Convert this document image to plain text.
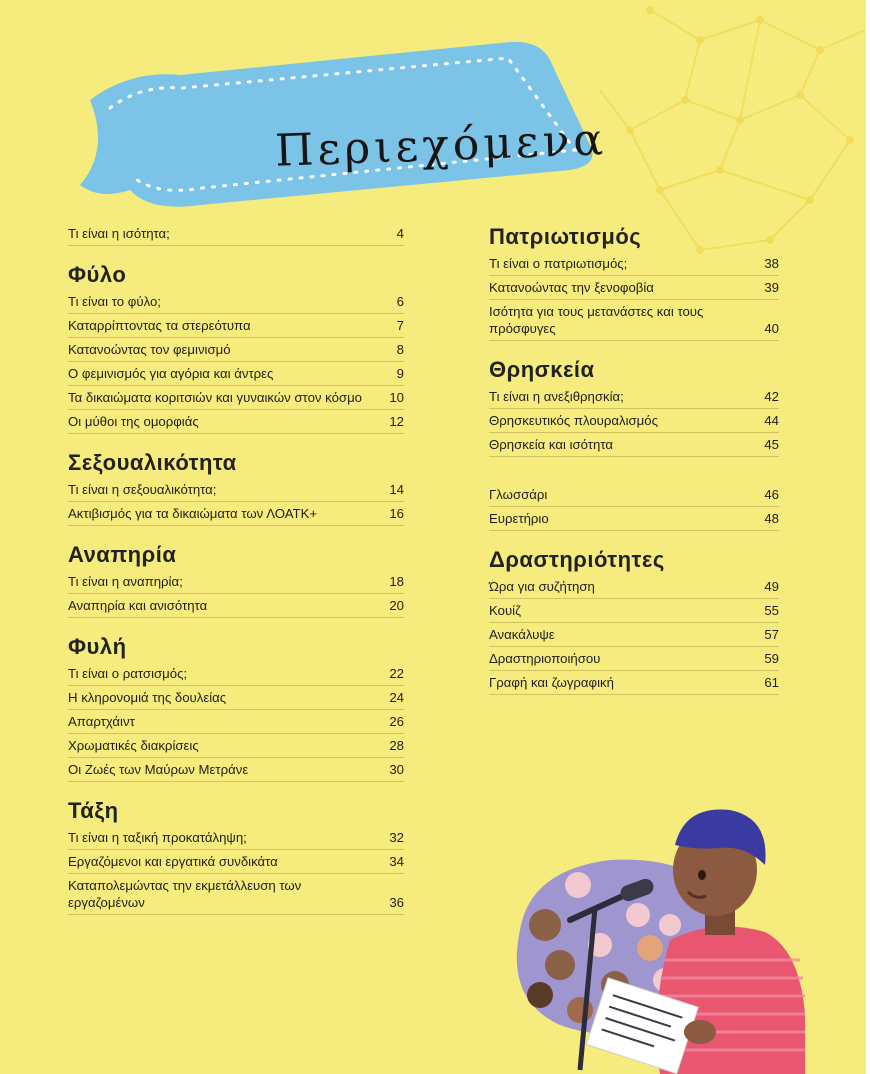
Περιεχόμενα
Τι είναι η ισότητα;	4
Φύλο
Τι είναι το φύλο;	6
Καταρρίπτοντας τα στερεότυπα	7
Κατανοώντας τον φεμινισμό	8
Ο φεμινισμός για αγόρια και άντρες	9
Τα δικαιώματα κοριτσιών και γυναικών στον κόσμο	10
Οι μύθοι της ομορφιάς	12
Σεξουαλικότητα
Τι είναι η σεξουαλικότητα;	14
Ακτιβισμός για τα δικαιώματα των ΛΟΑΤΚ+	16
Αναπηρία
Τι είναι η αναπηρία;	18
Αναπηρία και ανισότητα	20
Φυλή
Τι είναι ο ρατσισμός;	22
Η κληρονομιά της δουλείας	24
Απαρτχάιντ	26
Χρωματικές διακρίσεις	28
Οι Ζωές των Μαύρων Μετράνε	30
Τάξη
Τι είναι η ταξική προκατάληψη;	32
Εργαζόμενοι και εργατικά συνδικάτα	34
Καταπολεμώντας την εκμετάλλευση των εργαζομένων	36
Πατριωτισμός
Τι είναι ο πατριωτισμός;	38
Κατανοώντας την ξενοφοβία	39
Ισότητα για τους μετανάστες και τους πρόσφυγες	40
Θρησκεία
Τι είναι η ανεξιθρησκία;	42
Θρησκευτικός πλουραλισμός	44
Θρησκεία και ισότητα	45
Γλωσσάρι	46
Ευρετήριο	48
Δραστηριότητες
Ώρα για συζήτηση	49
Κουίζ	55
Ανακάλυψε	57
Δραστηριοποιήσου	59
Γραφή και ζωγραφική	61
